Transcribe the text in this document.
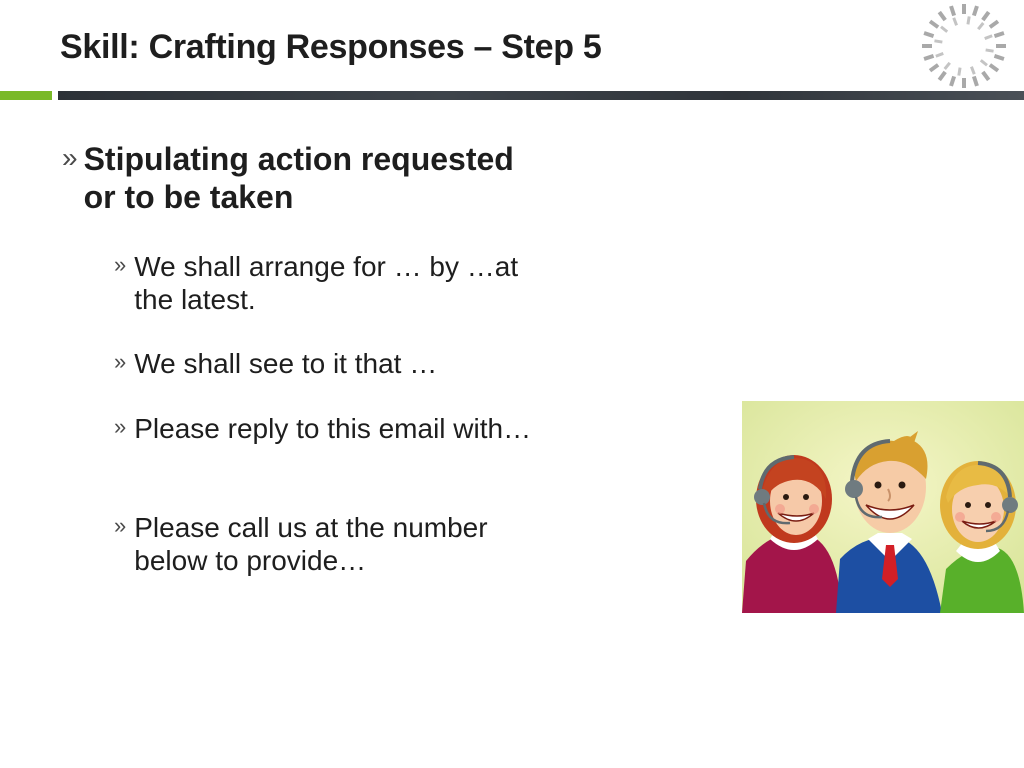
Skill: Crafting Responses – Step 5
» Stipulating action requested or to be taken
» We shall arrange for … by …at the latest.
» We shall see to it that …
» Please reply to this email with…
» Please call us at the number below to provide…
